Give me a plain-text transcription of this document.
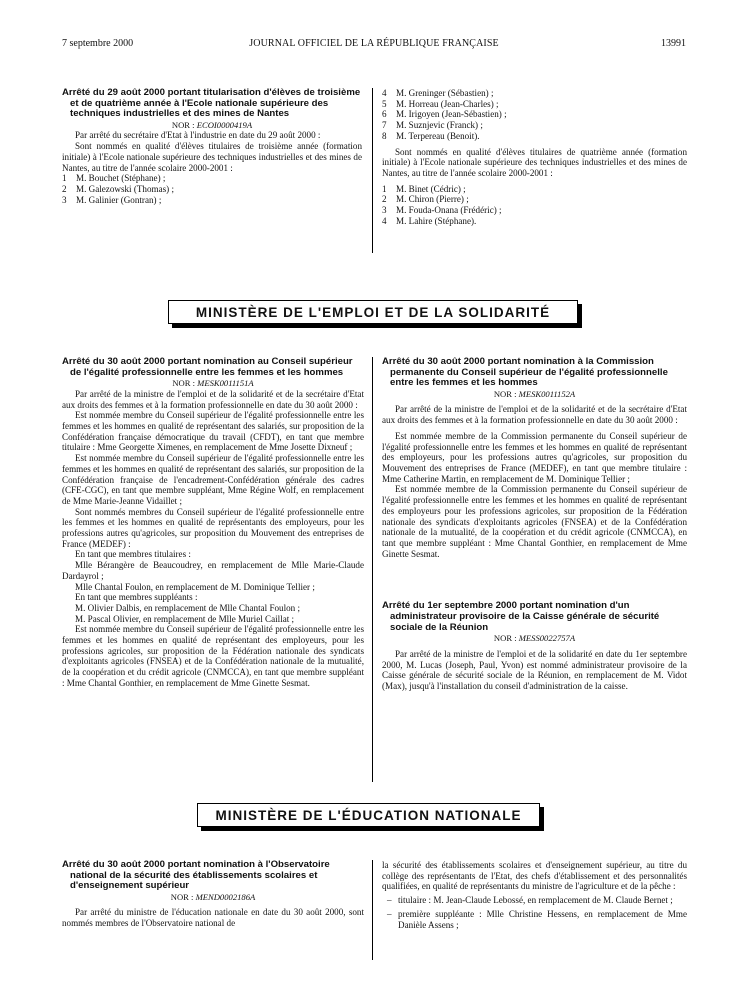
7 septembre 2000	JOURNAL OFFICIEL DE LA RÉPUBLIQUE FRANÇAISE	13991

Arrêté du 29 août 2000 portant titularisation d'élèves de troisième et de quatrième année à l'Ecole nationale supérieure des techniques industrielles et des mines de Nantes

NOR : ECOI0000419A

Par arrêté du secrétaire d'Etat à l'industrie en date du 29 août 2000 :

Sont nommés en qualité d'élèves titulaires de troisième année (formation initiale) à l'Ecole nationale supérieure des techniques industrielles et des mines de Nantes, au titre de l'année scolaire 2000-2001 :

1	M. Bouchet (Stéphane) ;
2	M. Galezowski (Thomas) ;
3	M. Galinier (Gontran) ;
4	M. Greninger (Sébastien) ;
5	M. Horreau (Jean-Charles) ;
6	M. Irigoyen (Jean-Sébastien) ;
7	M. Suznjevic (Franck) ;
8	M. Terpereau (Benoit).

Sont nommés en qualité d'élèves titulaires de quatrième année (formation initiale) à l'Ecole nationale supérieure des techniques industrielles et des mines de Nantes, au titre de l'année scolaire 2000-2001 :

1	M. Binet (Cédric) ;
2	M. Chiron (Pierre) ;
3	M. Fouda-Onana (Frédéric) ;
4	M. Lahire (Stéphane).
MINISTÈRE DE L'EMPLOI ET DE LA SOLIDARITÉ

Arrêté du 30 août 2000 portant nomination au Conseil supérieur de l'égalité professionnelle entre les femmes et les hommes

NOR : MESK0011151A

Par arrêté de la ministre de l'emploi et de la solidarité et de la secrétaire d'Etat aux droits des femmes et à la formation professionnelle en date du 30 août 2000 :

Est nommée membre du Conseil supérieur de l'égalité professionnelle entre les femmes et les hommes en qualité de représentant des salariés, sur proposition de la Confédération française démocratique du travail (CFDT), en tant que membre titulaire : Mme Georgette Ximenes, en remplacement de Mme Josette Dixneuf ;

Est nommée membre du Conseil supérieur de l'égalité professionnelle entre les femmes et les hommes en qualité de représentant des salariés, sur proposition de la Confédération française de l'encadrement-Confédération générale des cadres (CFE-CGC), en tant que membre suppléant, Mme Régine Wolf, en remplacement de Mme Marie-Jeanne Vidaillet ;

Sont nommés membres du Conseil supérieur de l'égalité professionnelle entre les femmes et les hommes en qualité de représentants des employeurs, pour les professions autres qu'agricoles, sur proposition du Mouvement des entreprises de France (MEDEF) :

En tant que membres titulaires :

Mlle Bérangère de Beaucoudrey, en remplacement de Mlle Marie-Claude Dardayrol ;

Mlle Chantal Foulon, en remplacement de M. Dominique Tellier ;

En tant que membres suppléants :

M. Olivier Dalbis, en remplacement de Mlle Chantal Foulon ;

M. Pascal Olivier, en remplacement de Mlle Muriel Caillat ;

Est nommée membre du Conseil supérieur de l'égalité professionnelle entre les femmes et les hommes en qualité de représentant des employeurs, pour les professions agricoles, sur proposition de la Fédération nationale des syndicats d'exploitants agricoles (FNSEA) et de la Confédération nationale de la mutualité, de la coopération et du crédit agricole (CNMCCA), en tant que membre suppléant : Mme Chantal Gonthier, en remplacement de Mme Ginette Sesmat.

Arrêté du 30 août 2000 portant nomination à la Commission permanente du Conseil supérieur de l'égalité professionnelle entre les femmes et les hommes

NOR : MESK0011152A

Par arrêté de la ministre de l'emploi et de la solidarité et de la secrétaire d'Etat aux droits des femmes et à la formation professionnelle en date du 30 août 2000 :

Est nommée membre de la Commission permanente du Conseil supérieur de l'égalité professionnelle entre les femmes et les hommes en qualité de représentant des employeurs, pour les professions autres qu'agricoles, sur proposition du Mouvement des entreprises de France (MEDEF), en tant que membre titulaire : Mme Catherine Martin, en remplacement de M. Dominique Tellier ;

Est nommée membre de la Commission permanente du Conseil supérieur de l'égalité professionnelle entre les femmes et les hommes en qualité de représentant des employeurs pour les professions agricoles, sur proposition de la Fédération nationale des syndicats d'exploitants agricoles (FNSEA) et de la Confédération nationale de la mutualité, de la coopération et du crédit agricole (CNMCCA), en tant que membre suppléant : Mme Chantal Gonthier, en remplacement de Mme Ginette Sesmat.

Arrêté du 1er septembre 2000 portant nomination d'un administrateur provisoire de la Caisse générale de sécurité sociale de la Réunion

NOR : MESS0022757A

Par arrêté de la ministre de l'emploi et de la solidarité en date du 1er septembre 2000, M. Lucas (Joseph, Paul, Yvon) est nommé administrateur provisoire de la Caisse générale de sécurité sociale de la Réunion, en remplacement de M. Vidot (Max), jusqu'à l'installation du conseil d'administration de la caisse.

MINISTÈRE DE L'ÉDUCATION NATIONALE

Arrêté du 30 août 2000 portant nomination à l'Observatoire national de la sécurité des établissements scolaires et d'enseignement supérieur

NOR : MEND0002186A

Par arrêté du ministre de l'éducation nationale en date du 30 août 2000, sont nommés membres de l'Observatoire national de

la sécurité des établissements scolaires et d'enseignement supérieur, au titre du collège des représentants de l'Etat, des chefs d'établissement et des personnalités qualifiées, en qualité de représentants du ministre de l'agriculture et de la pêche :

– titulaire : M. Jean-Claude Lebossé, en remplacement de M. Claude Bernet ;
– première suppléante : Mlle Christine Hessens, en remplacement de Mme Danièle Assens ;
